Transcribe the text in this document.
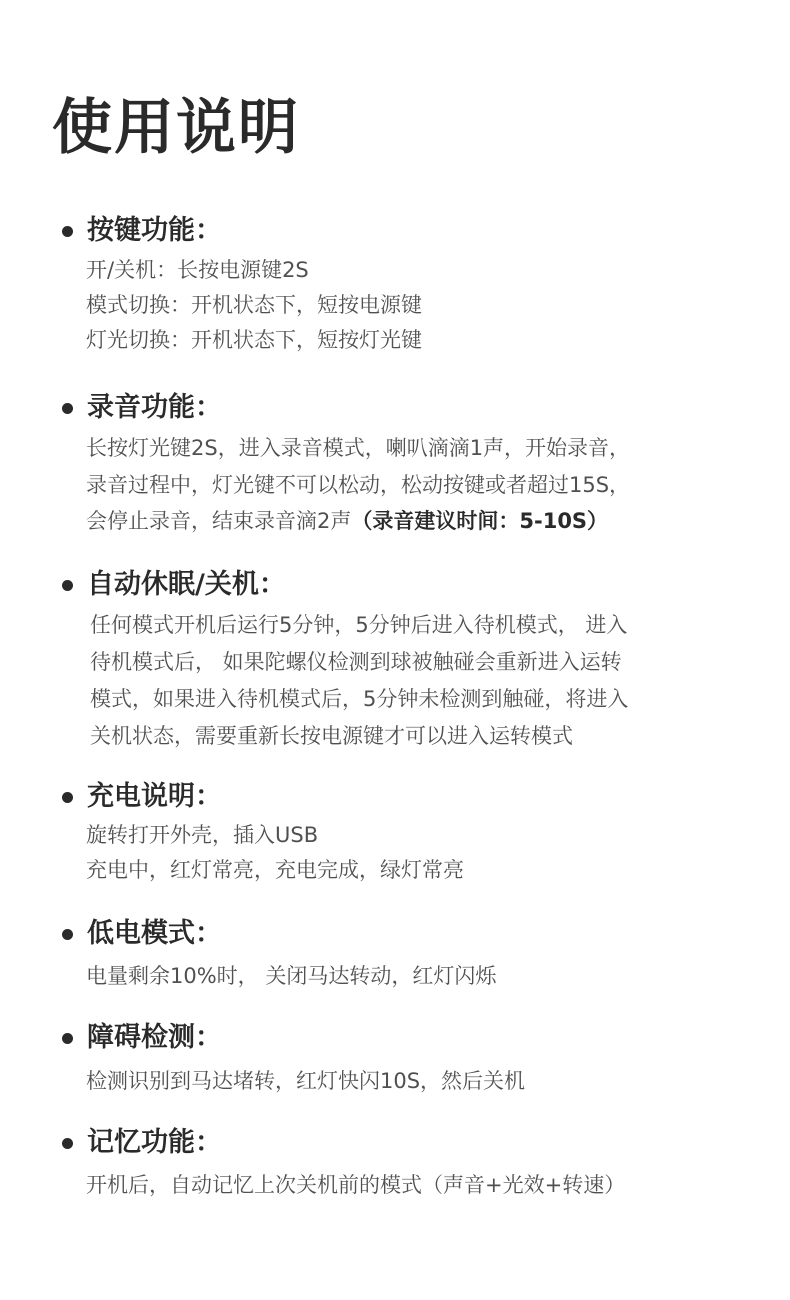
使用说明
按键功能：
开/关机：长按电源键2S
模式切换：开机状态下，短按电源键
灯光切换：开机状态下，短按灯光键
录音功能：
长按灯光键2S，进入录音模式，喇叭滴滴1声，开始录音，
录音过程中，灯光键不可以松动，松动按键或者超过15S，
会停止录音，结束录音滴2声（录音建议时间：5-10S）
自动休眠/关机：
任何模式开机后运行5分钟，5分钟后进入待机模式， 进入
待机模式后， 如果陀螺仪检测到球被触碰会重新进入运转
模式，如果进入待机模式后，5分钟未检测到触碰，将进入
关机状态，需要重新长按电源键才可以进入运转模式
充电说明：
旋转打开外壳，插入USB
充电中，红灯常亮，充电完成，绿灯常亮
低电模式：
电量剩余10%时， 关闭马达转动，红灯闪烁
障碍检测：
检测识别到马达堵转，红灯快闪10S，然后关机
记忆功能：
开机后，自动记忆上次关机前的模式（声音+光效+转速）
